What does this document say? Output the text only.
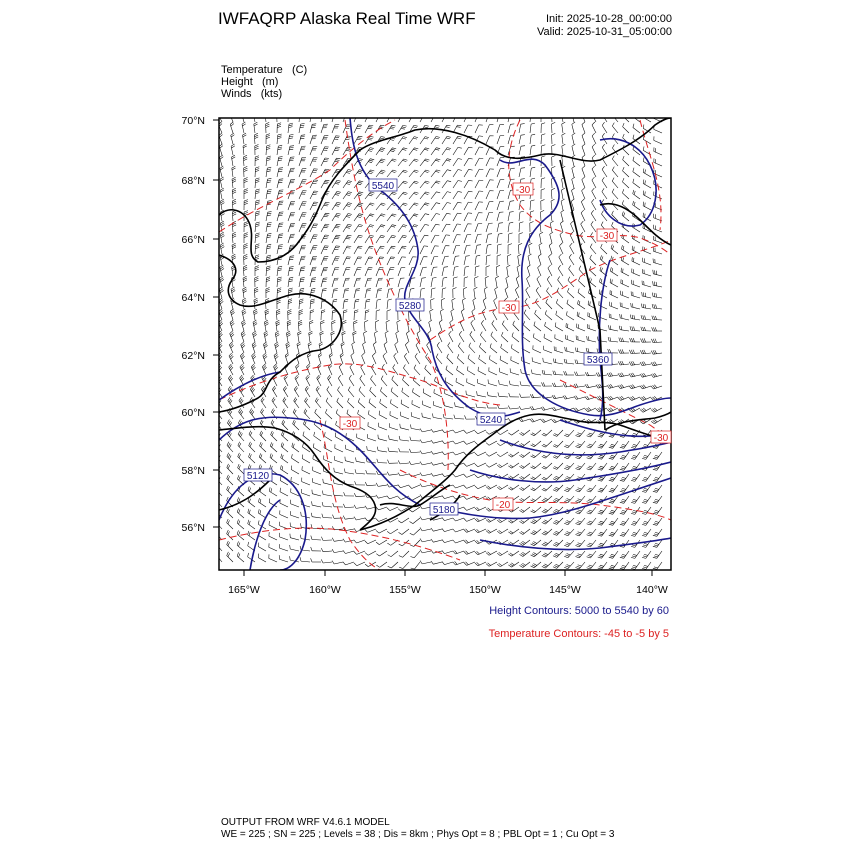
IWFAQRP Alaska Real Time WRF	Init: 2025-10-28_00:00:00
Valid: 2025-10-31_05:00:00
Temperature (C)
Height (m)
Winds (kts)
70°N
68°N
66°N
64°N
62°N
60°N
58°N
56°N
165°W	160°W	155°W	150°W	145°W	140°W
5540
5280
5360
5240
5120
5180
-30
-30
-30
-30
-20
-30
Height Contours: 5000 to 5540 by 60
Temperature Contours: -45 to -5 by 5
OUTPUT FROM WRF V4.6.1 MODEL
WE = 225 ; SN = 225 ; Levels = 38 ; Dis = 8km ; Phys Opt = 8 ; PBL Opt = 1 ; Cu Opt = 3
